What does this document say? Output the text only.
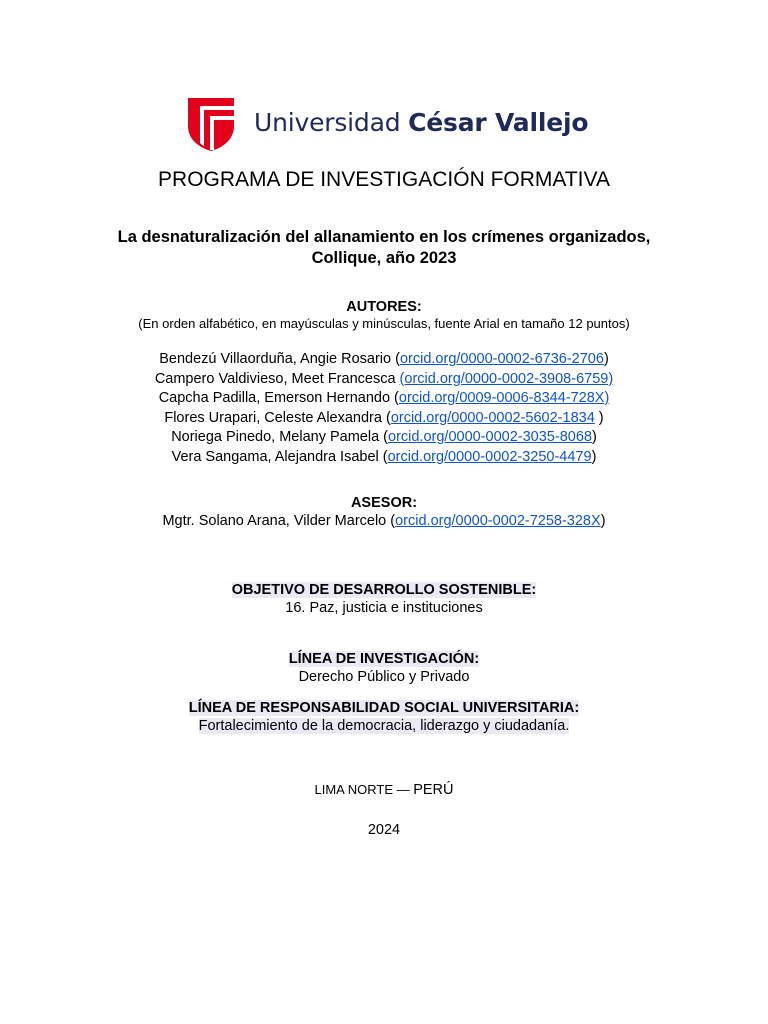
Universidad César Vallejo
PROGRAMA DE INVESTIGACIÓN FORMATIVA
La desnaturalización del allanamiento en los crímenes organizados,
Collique, año 2023
AUTORES:
(En orden alfabético, en mayúsculas y minúsculas, fuente Arial en tamaño 12 puntos)
Bendezú Villaorduña, Angie Rosario (orcid.org/0000-0002-6736-2706)
Campero Valdivieso, Meet Francesca (orcid.org/0000-0002-3908-6759)
Capcha Padilla, Emerson Hernando (orcid.org/0009-0006-8344-728X)
Flores Urapari, Celeste Alexandra (orcid.org/0000-0002-5602-1834 )
Noriega Pinedo, Melany Pamela (orcid.org/0000-0002-3035-8068)
Vera Sangama, Alejandra Isabel (orcid.org/0000-0002-3250-4479)
ASESOR:
Mgtr. Solano Arana, Vilder Marcelo (orcid.org/0000-0002-7258-328X)
OBJETIVO DE DESARROLLO SOSTENIBLE:
16. Paz, justicia e instituciones
LÍNEA DE INVESTIGACIÓN:
Derecho Público y Privado
LÍNEA DE RESPONSABILIDAD SOCIAL UNIVERSITARIA:
Fortalecimiento de la democracia, liderazgo y ciudadanía.
LIMA NORTE — PERÚ
2024
